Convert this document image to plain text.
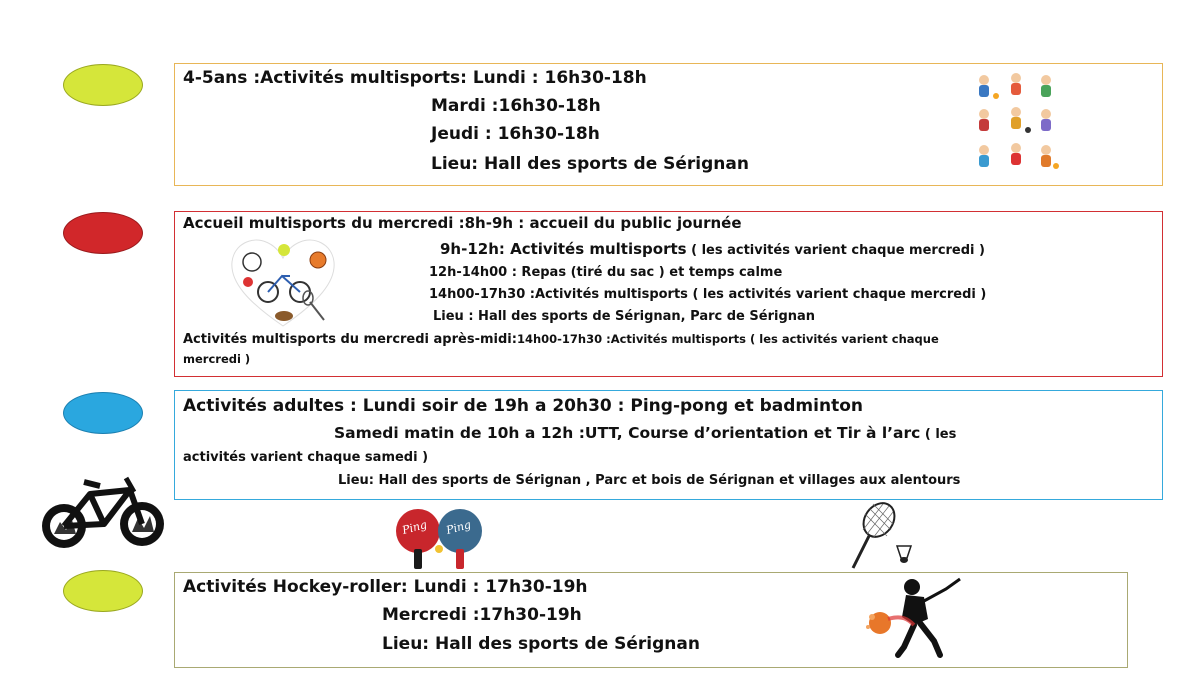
4-5ans :Activités multisports: Lundi : 16h30-18h
Mardi :16h30-18h
Jeudi : 16h30-18h
Lieu: Hall des sports de Sérignan
Accueil multisports du mercredi :8h-9h : accueil du public journée
9h-12h: Activités multisports ( les activités varient chaque mercredi )
12h-14h00 : Repas (tiré du sac ) et temps calme
14h00-17h30 :Activités multisports ( les activités varient chaque mercredi )
Lieu : Hall des sports de Sérignan, Parc de Sérignan
Activités multisports du mercredi après-midi:14h00-17h30 :Activités multisports ( les activités varient chaque
mercredi )
Activités adultes : Lundi soir de 19h a 20h30 : Ping-pong et badminton
Samedi matin de 10h a 12h :UTT, Course d’orientation et Tir à l’arc ( les
activités varient chaque samedi )
Lieu: Hall des sports de Sérignan , Parc et bois de Sérignan et villages aux alentours
Ping Ping
Activités Hockey-roller: Lundi : 17h30-19h
Mercredi :17h30-19h
Lieu: Hall des sports de Sérignan
